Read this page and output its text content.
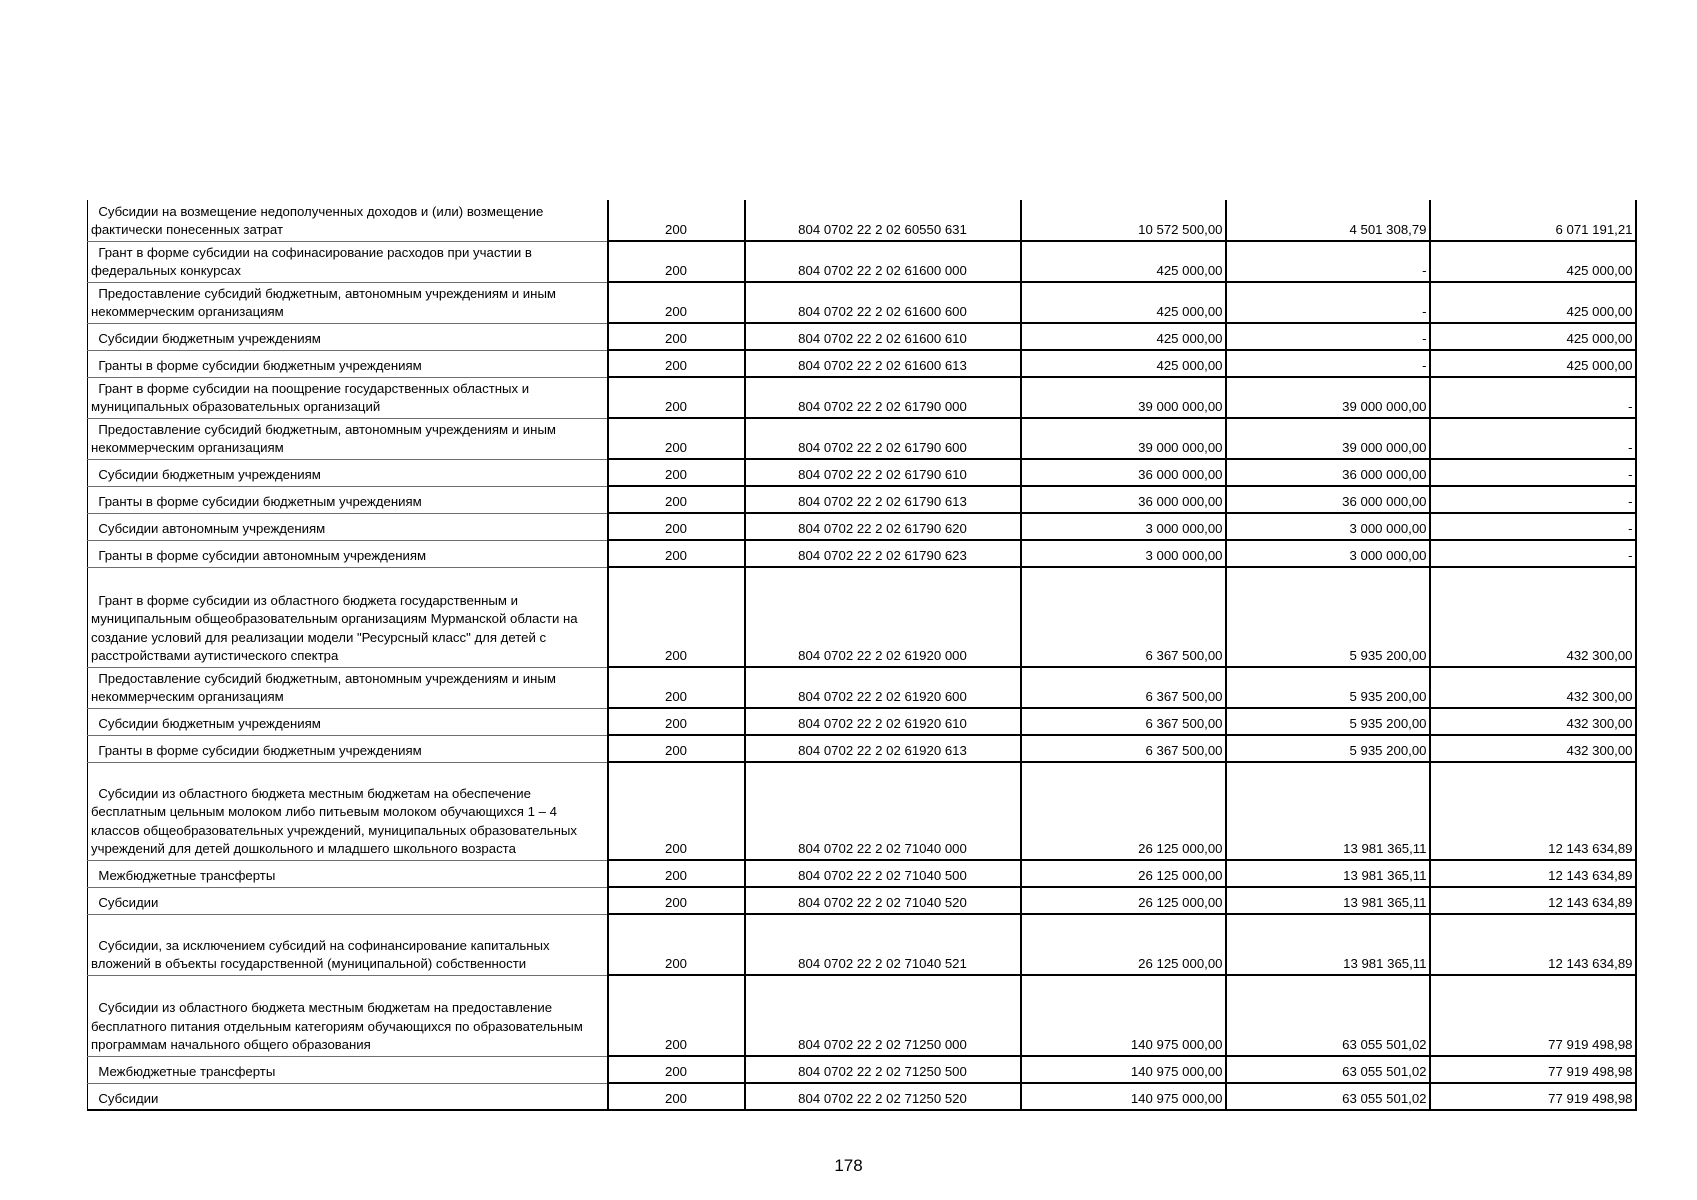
Субсидии на возмещение недополученных доходов и (или) возмещение фактически понесенных затрат	200	804 0702 22 2 02 60550 631	10 572 500,00	4 501 308,79	6 071 191,21
Грант в форме субсидии на софинасирование расходов при участии в федеральных конкурсах	200	804 0702 22 2 02 61600 000	425 000,00	-	425 000,00
Предоставление субсидий бюджетным, автономным учреждениям и иным некоммерческим организациям	200	804 0702 22 2 02 61600 600	425 000,00	-	425 000,00
Субсидии бюджетным учреждениям	200	804 0702 22 2 02 61600 610	425 000,00	-	425 000,00
Гранты в форме субсидии бюджетным учреждениям	200	804 0702 22 2 02 61600 613	425 000,00	-	425 000,00
Грант в форме субсидии на поощрение государственных областных и муниципальных образовательных организаций	200	804 0702 22 2 02 61790 000	39 000 000,00	39 000 000,00	-
Предоставление субсидий бюджетным, автономным учреждениям и иным некоммерческим организациям	200	804 0702 22 2 02 61790 600	39 000 000,00	39 000 000,00	-
Субсидии бюджетным учреждениям	200	804 0702 22 2 02 61790 610	36 000 000,00	36 000 000,00	-
Гранты в форме субсидии бюджетным учреждениям	200	804 0702 22 2 02 61790 613	36 000 000,00	36 000 000,00	-
Субсидии автономным учреждениям	200	804 0702 22 2 02 61790 620	3 000 000,00	3 000 000,00	-
Гранты в форме субсидии автономным учреждениям	200	804 0702 22 2 02 61790 623	3 000 000,00	3 000 000,00	-
Грант в форме субсидии из областного бюджета государственным и муниципальным общеобразовательным организациям Мурманской области на создание условий для реализации модели "Ресурсный класс" для детей с расстройствами аутистического спектра	200	804 0702 22 2 02 61920 000	6 367 500,00	5 935 200,00	432 300,00
Предоставление субсидий бюджетным, автономным учреждениям и иным некоммерческим организациям	200	804 0702 22 2 02 61920 600	6 367 500,00	5 935 200,00	432 300,00
Субсидии бюджетным учреждениям	200	804 0702 22 2 02 61920 610	6 367 500,00	5 935 200,00	432 300,00
Гранты в форме субсидии бюджетным учреждениям	200	804 0702 22 2 02 61920 613	6 367 500,00	5 935 200,00	432 300,00
Субсидии из областного бюджета местным бюджетам на обеспечение бесплатным цельным молоком либо питьевым молоком обучающихся 1 – 4 классов общеобразовательных учреждений, муниципальных образовательных учреждений для детей дошкольного и младшего школьного возраста	200	804 0702 22 2 02 71040 000	26 125 000,00	13 981 365,11	12 143 634,89
Межбюджетные трансферты	200	804 0702 22 2 02 71040 500	26 125 000,00	13 981 365,11	12 143 634,89
Субсидии	200	804 0702 22 2 02 71040 520	26 125 000,00	13 981 365,11	12 143 634,89
Субсидии, за исключением субсидий на софинансирование капитальных вложений в объекты государственной (муниципальной) собственности	200	804 0702 22 2 02 71040 521	26 125 000,00	13 981 365,11	12 143 634,89
Субсидии из областного бюджета местным бюджетам на предоставление бесплатного питания отдельным категориям обучающихся по образовательным программам начального общего образования	200	804 0702 22 2 02 71250 000	140 975 000,00	63 055 501,02	77 919 498,98
Межбюджетные трансферты	200	804 0702 22 2 02 71250 500	140 975 000,00	63 055 501,02	77 919 498,98
Субсидии	200	804 0702 22 2 02 71250 520	140 975 000,00	63 055 501,02	77 919 498,98
178
